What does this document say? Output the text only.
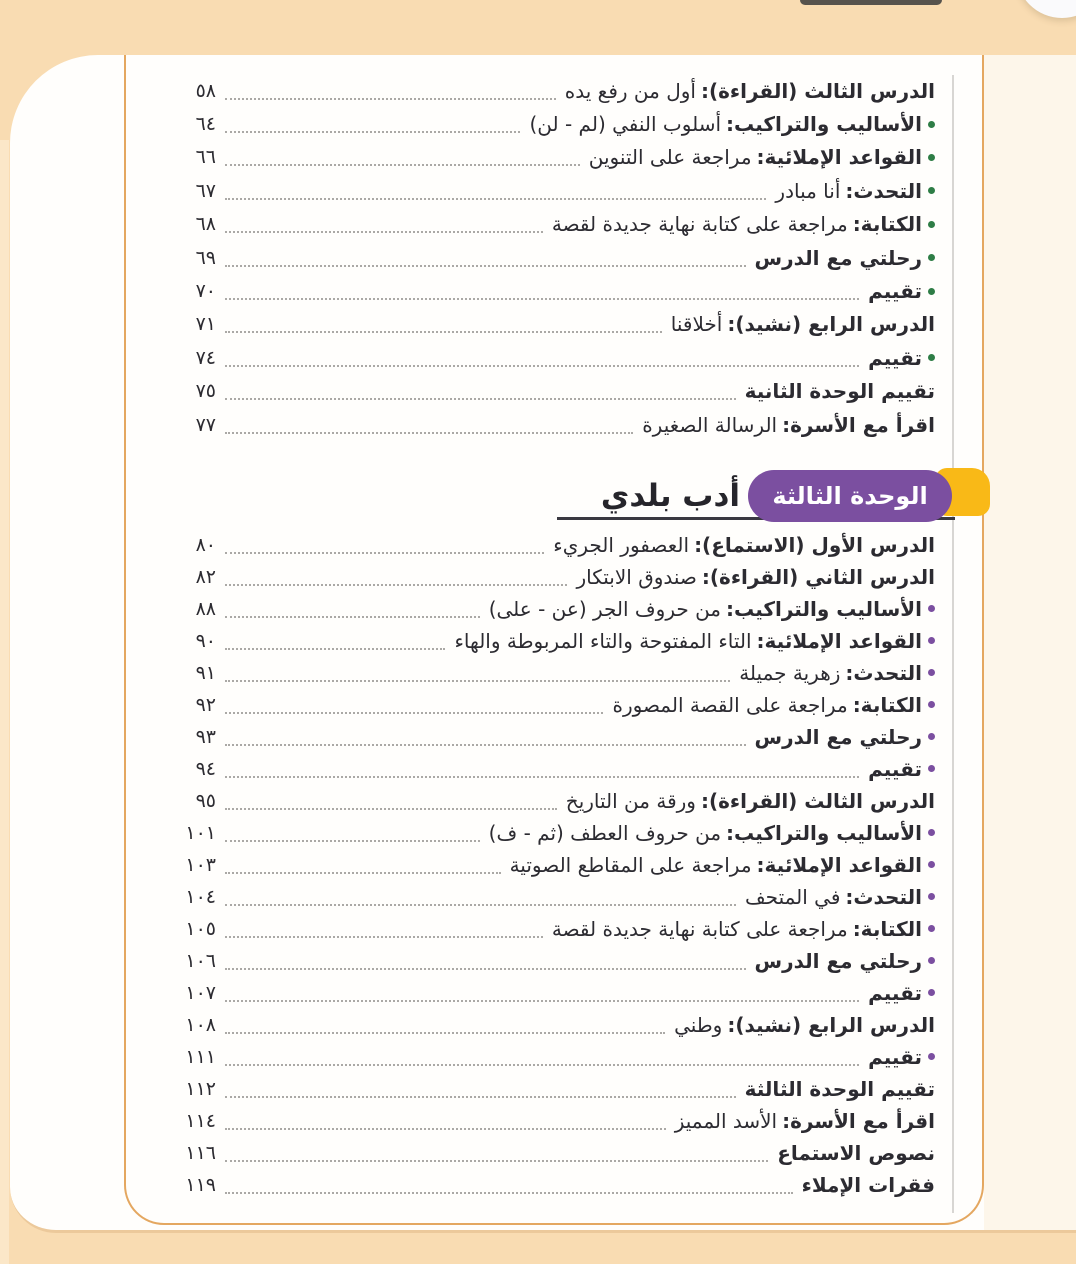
الدرس الثالث (القراءة):أول من رفع يده
٥٨
الأساليب والتراكيب:أسلوب النفي (لم - لن)
٦٤
القواعد الإملائية:مراجعة على التنوين
٦٦
التحدث:أنا مبادر
٦٧
الكتابة:مراجعة على كتابة نهاية جديدة لقصة
٦٨
رحلتي مع الدرس
٦٩
تقييم
٧٠
الدرس الرابع (نشيد):أخلاقنا
٧١
تقييم
٧٤
تقييم الوحدة الثانية
٧٥
اقرأ مع الأسرة:الرسالة الصغيرة
٧٧
الوحدة الثالثة
أدب بلدي
الدرس الأول (الاستماع):العصفور الجريء
٨٠
الدرس الثاني (القراءة):صندوق الابتكار
٨٢
الأساليب والتراكيب:من حروف الجر (عن - على)
٨٨
القواعد الإملائية:التاء المفتوحة والتاء المربوطة والهاء
٩٠
التحدث:زهرية جميلة
٩١
الكتابة:مراجعة على القصة المصورة
٩٢
رحلتي مع الدرس
٩٣
تقييم
٩٤
الدرس الثالث (القراءة):ورقة من التاريخ
٩٥
الأساليب والتراكيب:من حروف العطف (ثم - ف)
١٠١
القواعد الإملائية:مراجعة على المقاطع الصوتية
١٠٣
التحدث:في المتحف
١٠٤
الكتابة:مراجعة على كتابة نهاية جديدة لقصة
١٠٥
رحلتي مع الدرس
١٠٦
تقييم
١٠٧
الدرس الرابع (نشيد):وطني
١٠٨
تقييم
١١١
تقييم الوحدة الثالثة
١١٢
اقرأ مع الأسرة:الأسد المميز
١١٤
نصوص الاستماع
١١٦
فقرات الإملاء
١١٩
